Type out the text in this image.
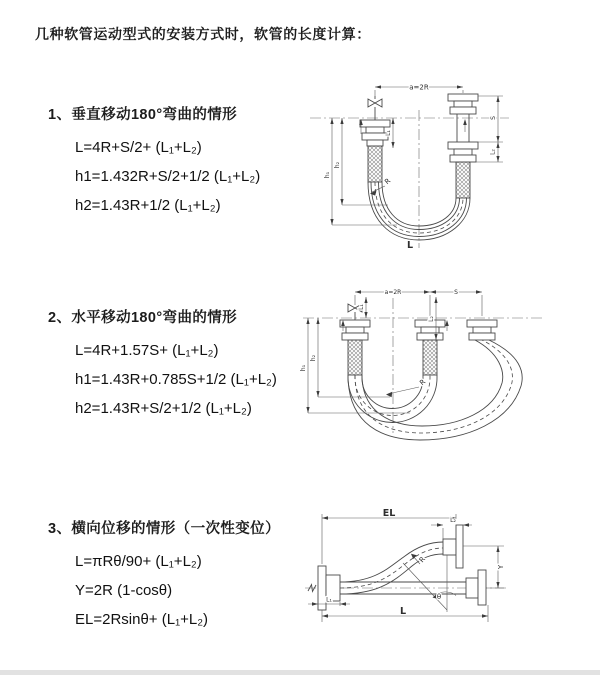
几种软管运动型式的安装方式时，软管的长度计算：
1、垂直移动180°弯曲的情形
L=4R+S/2+ (L₁+L₂)
h1=1.432R+S/2+1/2 (L₁+L₂)
h2=1.43R+1/2 (L₁+L₂)
2、水平移动180°弯曲的情形
L=4R+1.57S+ (L₁+L₂)
h1=1.43R+0.785S+1/2 (L₁+L₂)
h2=1.43R+S/2+1/2 (L₁+L₂)
3、横向位移的情形（一次性变位）
L=πRθ/90+ (L₁+L₂)
Y=2R (1-cosθ)
EL=2Rsinθ+ (L₁+L₂)
a=2R
h₁
h₂
L₁
S
L₂
R
L
a=2R	S
h₁
h₂
L₁
L₂
R
EL
L₂
Y
θ
R
L
L₁
